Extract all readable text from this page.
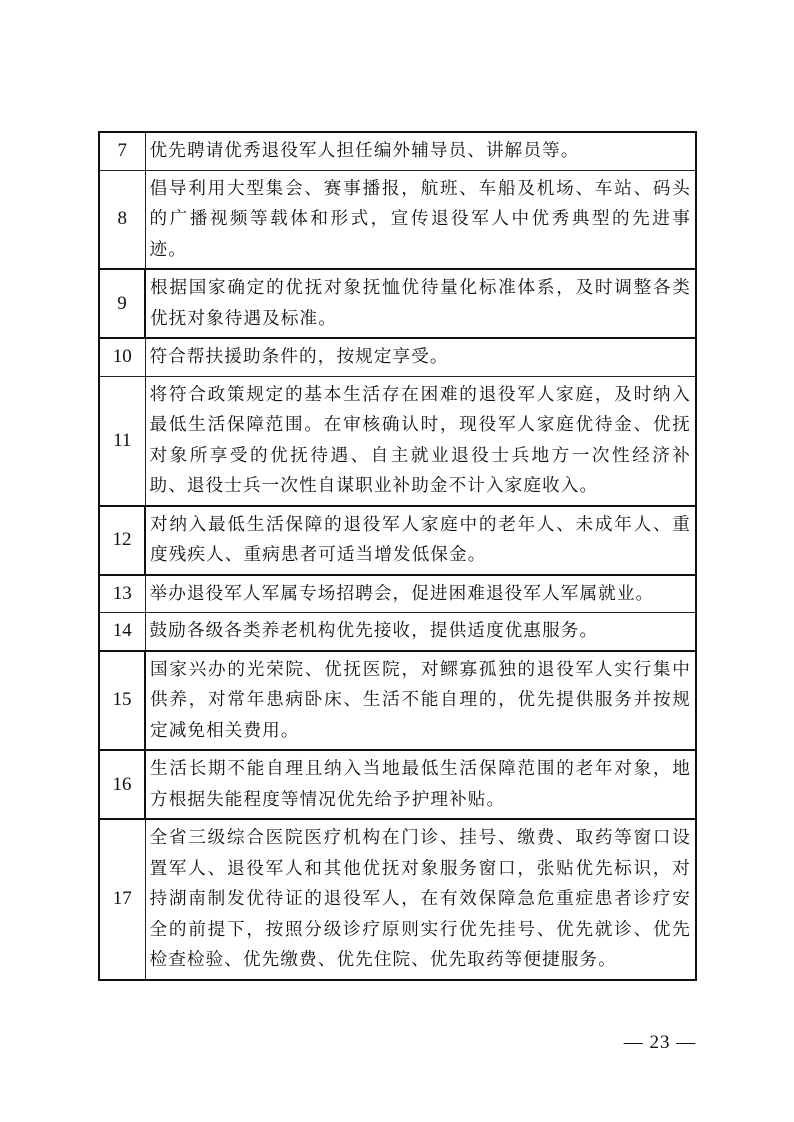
7	优先聘请优秀退役军人担任编外辅导员、讲解员等。
8	倡导利用大型集会、赛事播报，航班、车船及机场、车站、码头的广播视频等载体和形式，宣传退役军人中优秀典型的先进事迹。
9	根据国家确定的优抚对象抚恤优待量化标准体系，及时调整各类优抚对象待遇及标准。
10	符合帮扶援助条件的，按规定享受。
11	将符合政策规定的基本生活存在困难的退役军人家庭，及时纳入最低生活保障范围。在审核确认时，现役军人家庭优待金、优抚对象所享受的优抚待遇、自主就业退役士兵地方一次性经济补助、退役士兵一次性自谋职业补助金不计入家庭收入。
12	对纳入最低生活保障的退役军人家庭中的老年人、未成年人、重度残疾人、重病患者可适当增发低保金。
13	举办退役军人军属专场招聘会，促进困难退役军人军属就业。
14	鼓励各级各类养老机构优先接收，提供适度优惠服务。
15	国家兴办的光荣院、优抚医院，对鳏寡孤独的退役军人实行集中供养，对常年患病卧床、生活不能自理的，优先提供服务并按规定减免相关费用。
16	生活长期不能自理且纳入当地最低生活保障范围的老年对象，地方根据失能程度等情况优先给予护理补贴。
17	全省三级综合医院医疗机构在门诊、挂号、缴费、取药等窗口设置军人、退役军人和其他优抚对象服务窗口，张贴优先标识，对持湖南制发优待证的退役军人，在有效保障急危重症患者诊疗安全的前提下，按照分级诊疗原则实行优先挂号、优先就诊、优先检查检验、优先缴费、优先住院、优先取药等便捷服务。
— 23 —
